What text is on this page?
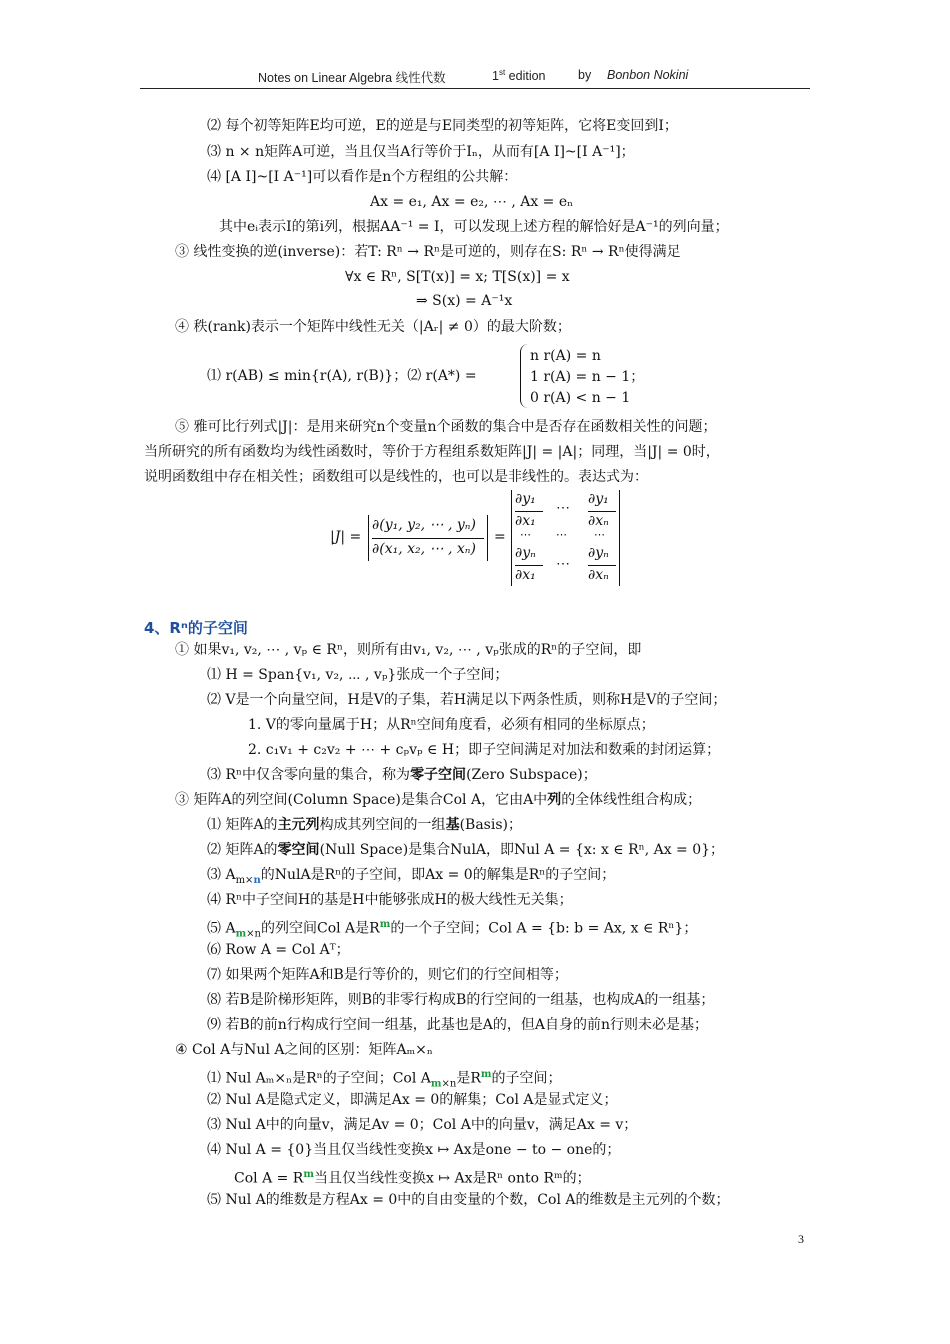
Notes on Linear Algebra 线性代数	1st edition	by Bonbon Nokini
⑵ 每个初等矩阵E均可逆，E的逆是与E同类型的初等矩阵，它将E变回到I；
⑶ n × n矩阵A可逆，当且仅当A行等价于Iₙ，从而有[A I]~[I A⁻¹]；
⑷ [A I]~[I A⁻¹]可以看作是n个方程组的公共解：
Ax = e₁, Ax = e₂, ⋯ , Ax = eₙ
其中eᵢ表示I的第i列，根据AA⁻¹ = I，可以发现上述方程的解恰好是A⁻¹的列向量；
③ 线性变换的逆(inverse)：若T: Rⁿ → Rⁿ是可逆的，则存在S: Rⁿ → Rⁿ使得满足
∀x ∈ Rⁿ, S[T(x)] = x; T[S(x)] = x
⇒ S(x) = A⁻¹x
④ 秩(rank)表示一个矩阵中线性无关（|Aᵣ| ≠ 0）的最大阶数；
⑴ r(AB) ≤ min{r(A), r(B)}；⑵ r(A*) =
n r(A) = n
1 r(A) = n − 1；
0 r(A) < n − 1
⑤ 雅可比行列式|J|：是用来研究n个变量n个函数的集合中是否存在函数相关性的问题；
当所研究的所有函数均为线性函数时，等价于方程组系数矩阵|J| = |A|；同理，当|J| = 0时，
说明函数组中存在相关性；函数组可以是线性的，也可以是非线性的。表达式为：
|J| =
∂(y₁, y₂, ⋯ , yₙ)
∂(x₁, x₂, ⋯ , xₙ)
=
∂y₁
∂x₁
⋯
∂y₁
∂xₙ
⋯ ⋯ ⋯
∂yₙ
∂x₁
⋯
∂yₙ
∂xₙ
4、Rⁿ的子空间
① 如果v₁, v₂, ⋯ , vₚ ∈ Rⁿ，则所有由v₁, v₂, ⋯ , vₚ张成的Rⁿ的子空间，即
⑴ H = Span{v₁, v₂, ⋯ , vₚ}张成一个子空间；
⑵ V是一个向量空间，H是V的子集，若H满足以下两条性质，则称H是V的子空间；
1. V的零向量属于H；从Rⁿ空间角度看，必须有相同的坐标原点；
2. c₁v₁ + c₂v₂ + ⋯ + cₚvₚ ∈ H；即子空间满足对加法和数乘的封闭运算；
⑶ Rⁿ中仅含零向量的集合，称为零子空间(Zero Subspace)；
③ 矩阵A的列空间(Column Space)是集合Col A，它由A中列的全体线性组合构成；
⑴ 矩阵A的主元列构成其列空间的一组基(Basis)；
⑵ 矩阵A的零空间(Null Space)是集合NulA，即Nul A = {x: x ∈ Rⁿ, Ax = 0}；
⑶ $A_{m\times n}$的NulA是Rⁿ的子空间，即Ax = 0的解集是Rⁿ的子空间；
⑷ Rⁿ中子空间H的基是H中能够张成H的极大线性无关集；
⑸ $A_{m\times n}$的列空间Col A是$R^m$的一个子空间；Col A = {b: b = Ax, x ∈ Rⁿ}；
⑹ Row A = Col Aᵀ；
⑺ 如果两个矩阵A和B是行等价的，则它们的行空间相等；
⑻ 若B是阶梯形矩阵，则B的非零行构成B的行空间的一组基，也构成A的一组基；
⑼ 若B的前n行构成行空间一组基，此基也是A的，但A自身的前n行则未必是基；
④ Col A与Nul A之间的区别：矩阵Aₘ×ₙ
⑴ Nul Aₘ×ₙ是Rⁿ的子空间；Col $A_{m\times n}$是$R^m$的子空间；
⑵ Nul A是隐式定义，即满足Ax = 0的解集；Col A是显式定义；
⑶ Nul A中的向量v，满足Av = 0；Col A中的向量v，满足Ax = v；
⑷ Nul A = {0}当且仅当线性变换x ↦ Ax是one − to − one的；
Col $A = R^m$当且仅当线性变换x ↦ Ax是Rⁿ onto Rᵐ的；
⑸ Nul A的维数是方程Ax = 0中的自由变量的个数，Col A的维数是主元列的个数；
3
